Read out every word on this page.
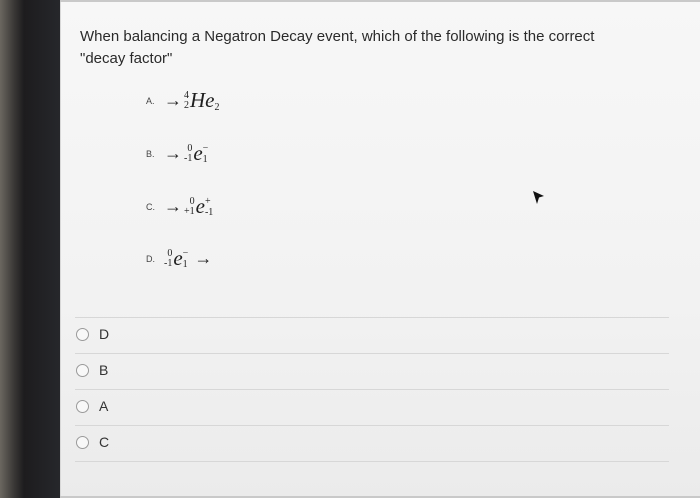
When balancing a Negatron Decay event, which of the following is the correct "decay factor"
A. → 4
2 He 2
B. → 0
-1 e −
1
C. → 0
+1 e +
-1
D.	0
-1 e −
1 →
D
B
A
C
